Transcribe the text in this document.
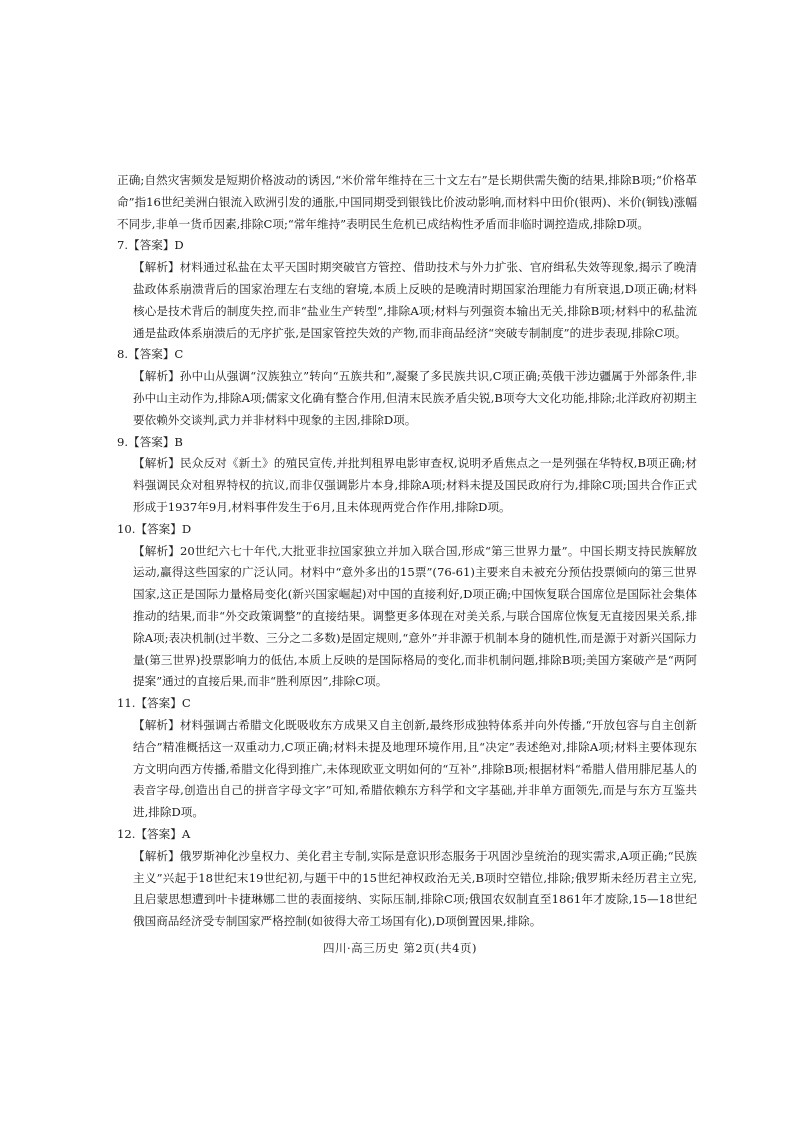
正确;自然灾害频发是短期价格波动的诱因,“米价常年维持在三十文左右”是长期供需失衡的结果,排除B项;“价格革命”指16世纪美洲白银流入欧洲引发的通胀,中国同期受到银钱比价波动影响,而材料中田价(银两)、米价(铜钱)涨幅不同步,非单一货币因素,排除C项;“常年维持”表明民生危机已成结构性矛盾而非临时调控造成,排除D项。

7.【答案】D

【解析】材料通过私盐在太平天国时期突破官方管控、借助技术与外力扩张、官府缉私失效等现象,揭示了晚清盐政体系崩溃背后的国家治理左右支绌的窘境,本质上反映的是晚清时期国家治理能力有所衰退,D项正确;材料核心是技术背后的制度失控,而非“盐业生产转型”,排除A项;材料与列强资本输出无关,排除B项;材料中的私盐流通是盐政体系崩溃后的无序扩张,是国家管控失效的产物,而非商品经济“突破专制制度”的进步表现,排除C项。

8.【答案】C

【解析】孙中山从强调“汉族独立”转向“五族共和”,凝聚了多民族共识,C项正确;英俄干涉边疆属于外部条件,非孙中山主动作为,排除A项;儒家文化确有整合作用,但清末民族矛盾尖锐,B项夸大文化功能,排除;北洋政府初期主要依赖外交谈判,武力并非材料中现象的主因,排除D项。

9.【答案】B

【解析】民众反对《新土》的殖民宣传,并批判租界电影审查权,说明矛盾焦点之一是列强在华特权,B项正确;材料强调民众对租界特权的抗议,而非仅强调影片本身,排除A项;材料未提及国民政府行为,排除C项;国共合作正式形成于1937年9月,材料事件发生于6月,且未体现两党合作作用,排除D项。

10.【答案】D

【解析】20世纪六七十年代,大批亚非拉国家独立并加入联合国,形成“第三世界力量”。中国长期支持民族解放运动,赢得这些国家的广泛认同。材料中“意外多出的15票”(76-61)主要来自未被充分预估投票倾向的第三世界国家,这正是国际力量格局变化(新兴国家崛起)对中国的直接利好,D项正确;中国恢复联合国席位是国际社会集体推动的结果,而非“外交政策调整”的直接结果。调整更多体现在对美关系,与联合国席位恢复无直接因果关系,排除A项;表决机制(过半数、三分之二多数)是固定规则,“意外”并非源于机制本身的随机性,而是源于对新兴国际力量(第三世界)投票影响力的低估,本质上反映的是国际格局的变化,而非机制问题,排除B项;美国方案破产是“两阿提案”通过的直接后果,而非“胜利原因”,排除C项。

11.【答案】C

【解析】材料强调古希腊文化既吸收东方成果又自主创新,最终形成独特体系并向外传播,“开放包容与自主创新结合”精准概括这一双重动力,C项正确;材料未提及地理环境作用,且“决定”表述绝对,排除A项;材料主要体现东方文明向西方传播,希腊文化得到推广,未体现欧亚文明如何的“互补”,排除B项;根据材料“希腊人借用腓尼基人的表音字母,创造出自己的拼音字母文字”可知,希腊依赖东方科学和文字基础,并非单方面领先,而是与东方互鉴共进,排除D项。

12.【答案】A

【解析】俄罗斯神化沙皇权力、美化君主专制,实际是意识形态服务于巩固沙皇统治的现实需求,A项正确;“民族主义”兴起于18世纪末19世纪初,与题干中的15世纪神权政治无关,B项时空错位,排除;俄罗斯未经历君主立宪,且启蒙思想遭到叶卡捷琳娜二世的表面接纳、实际压制,排除C项;俄国农奴制直至1861年才废除,15—18世纪俄国商品经济受专制国家严格控制(如彼得大帝工场国有化),D项倒置因果,排除。

四川·高三历史 第2页(共4页)
